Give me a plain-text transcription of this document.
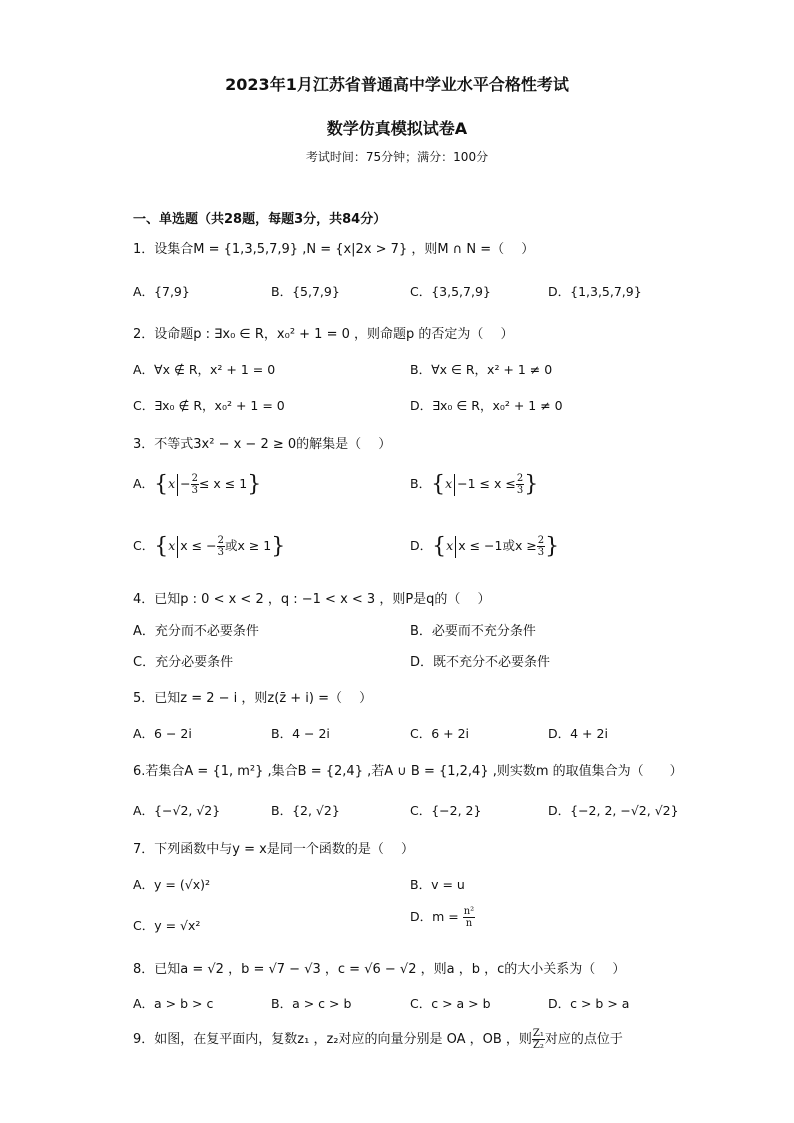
2023年1月江苏省普通高中学业水平合格性考试
数学仿真模拟试卷A
考试时间：75分钟；满分：100分
一、单选题（共28题，每题3分，共84分）
1．设集合M = {1,3,5,7,9} ,N = {x|2x > 7} ，则M ∩ N =（　 ）
A．{7,9}	B．{5,7,9}	C．{3,5,7,9}	D．{1,3,5,7,9}
2．设命题p : ∃x₀ ∈ R，x₀² + 1 = 0 ，则命题p 的否定为（　 ）
A．∀x ∉ R，x² + 1 = 0	B．∀x ∈ R，x² + 1 ≠ 0
C．∃x₀ ∉ R，x₀² + 1 = 0	D．∃x₀ ∈ R，x₀² + 1 ≠ 0
3．不等式3x² − x − 2 ≥ 0的解集是（　 ）
A．$\{x - \frac{2}{3} \le x \le 1\}$	B．{$x -1 \le x \le \frac{2}{3}$ }
C．{x x ≤ − $\frac{2}{3}$ 或x ≥ 1}	D．{x x ≤ −1或$x \ge \frac{2}{3}$ }
4．已知p : 0 < x < 2 ，q : −1 < x < 3 ，则P是q的（　 ）
A．充分而不必要条件	B．必要而不充分条件
C．充分必要条件	D．既不充分不必要条件
5．已知z = 2 − i ，则z(z̄ + i) =（　 ）
A．6 − 2i	B．4 − 2i	C．6 + 2i	D．4 + 2i
6.若集合A = {1, m²} ,集合B = {2,4} ,若A ∪ B = {1,2,4} ,则实数m 的取值集合为（　　）
A．{−√2, √2}	B．{2, √2}	C．{−2, 2}	D．{−2, 2, −√2, √2}
7．下列函数中与y = x是同一个函数的是（　 ）
A．y = (√x)²	B．v = u
C．y = √x²
D．$m = \frac{\text{n²}}{n}$
8．已知a = √2 ，b = √7 − √3 ，c = √6 − √2 ，则a ，b ，c的大小关系为（　 ）
A．a > b > c	B．a > c > b	C．c > a > b	D．c > b > a
9．如图，在复平面内，复数z₁ ，z₂对应的向量分别是 OA ，OB ，则 $\frac{\text{Z₁}}{\text{Z₂}}$ 对应的点位于
